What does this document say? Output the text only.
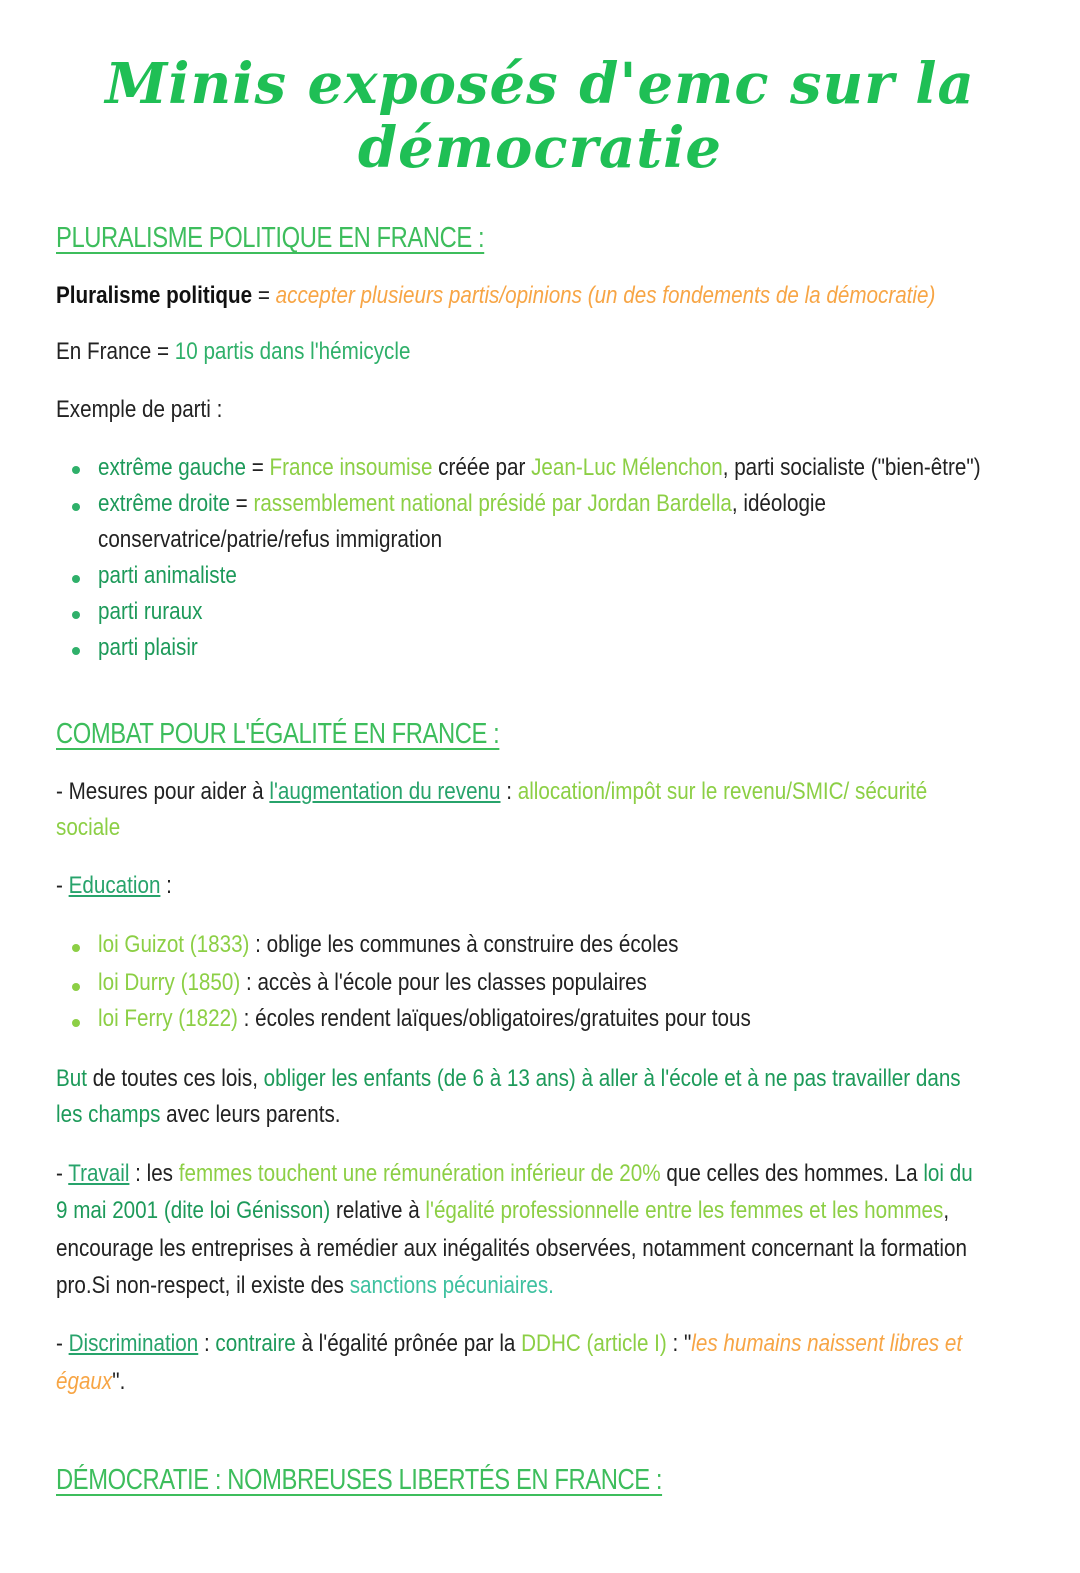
Minis exposés d'emc sur la
démocratie
PLURALISME POLITIQUE EN FRANCE :
Pluralisme politique = accepter plusieurs partis/opinions (un des fondements de la démocratie)
En France = 10 partis dans l'hémicycle
Exemple de parti :
extrême gauche = France insoumise créée par Jean-Luc Mélenchon, parti socialiste ("bien-être")
extrême droite = rassemblement national présidé par Jordan Bardella, idéologie
conservatrice/patrie/refus immigration
parti animaliste
parti ruraux
parti plaisir
COMBAT POUR L'ÉGALITÉ EN FRANCE :
- Mesures pour aider à l'augmentation du revenu : allocation/impôt sur le revenu/SMIC/ sécurité
sociale
- Education :
loi Guizot (1833) : oblige les communes à construire des écoles
loi Durry (1850) : accès à l'école pour les classes populaires
loi Ferry (1822) : écoles rendent laïques/obligatoires/gratuites pour tous
But de toutes ces lois, obliger les enfants (de 6 à 13 ans) à aller à l'école et à ne pas travailler dans
les champs avec leurs parents.
- Travail : les femmes touchent une rémunération inférieur de 20% que celles des hommes. La loi du
9 mai 2001 (dite loi Génisson) relative à l'égalité professionnelle entre les femmes et les hommes,
encourage les entreprises à remédier aux inégalités observées, notamment concernant la formation
pro.Si non-respect, il existe des sanctions pécuniaires.
- Discrimination : contraire à l'égalité prônée par la DDHC (article I) : "les humains naissent libres et
égaux".
DÉMOCRATIE : NOMBREUSES LIBERTÉS EN FRANCE :
